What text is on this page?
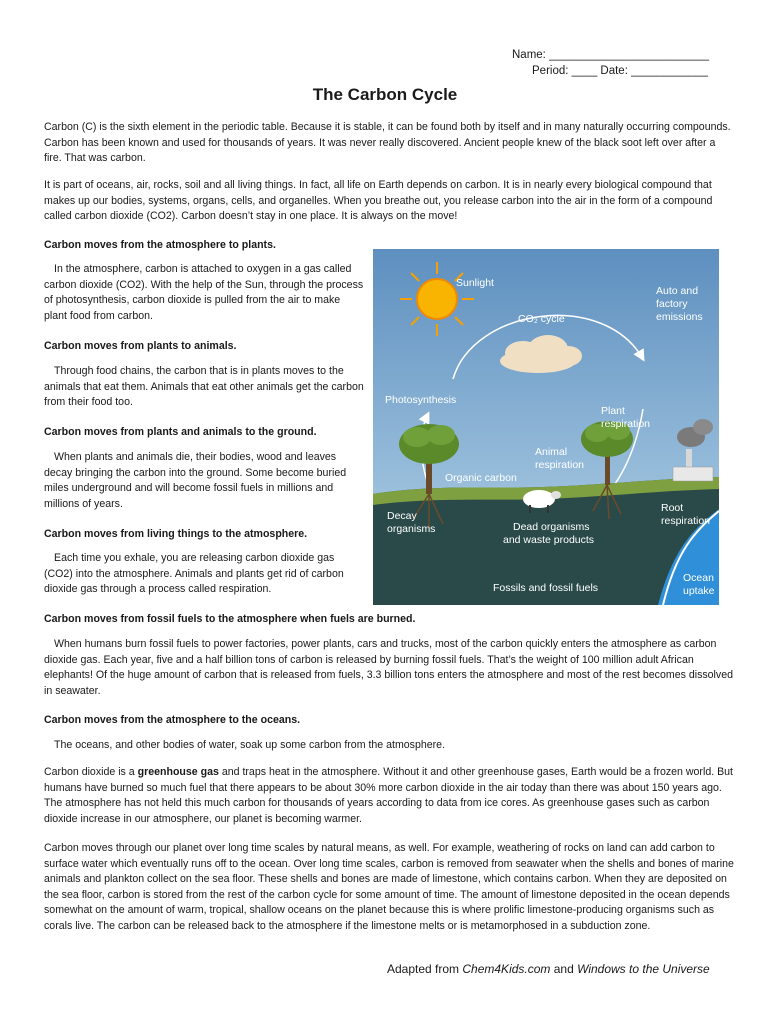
Name: _________________________
Period: ____ Date: ____________
The Carbon Cycle

Carbon (C) is the sixth element in the periodic table. Because it is stable, it can be found both by itself and in many naturally occurring compounds. Carbon has been known and used for thousands of years. It was never really discovered. Ancient people knew of the black soot left over after a fire. That was carbon.

It is part of oceans, air, rocks, soil and all living things. In fact, all life on Earth depends on carbon. It is in nearly every biological compound that makes up our bodies, systems, organs, cells, and organelles. When you breathe out, you release carbon into the air in the form of a compound called carbon dioxide (CO2). Carbon doesn’t stay in one place. It is always on the move!

Carbon moves from the atmosphere to plants.

In the atmosphere, carbon is attached to oxygen in a gas called carbon dioxide (CO2). With the help of the Sun, through the process of photosynthesis, carbon dioxide is pulled from the air to make plant food from carbon.

Carbon moves from plants to animals.

Through food chains, the carbon that is in plants moves to the animals that eat them. Animals that eat other animals get the carbon from their food too.

Carbon moves from plants and animals to the ground.

When plants and animals die, their bodies, wood and leaves decay bringing the carbon into the ground. Some become buried miles underground and will become fossil fuels in millions and millions of years.

Carbon moves from living things to the atmosphere.

Each time you exhale, you are releasing carbon dioxide gas (CO2) into the atmosphere. Animals and plants get rid of carbon dioxide gas through a process called respiration.

Carbon moves from fossil fuels to the atmosphere when fuels are burned.

When humans burn fossil fuels to power factories, power plants, cars and trucks, most of the carbon quickly enters the atmosphere as carbon dioxide gas. Each year, five and a half billion tons of carbon is released by burning fossil fuels. That’s the weight of 100 million adult African elephants! Of the huge amount of carbon that is released from fuels, 3.3 billion tons enters the atmosphere and most of the rest becomes dissolved in seawater.

Carbon moves from the atmosphere to the oceans.

The oceans, and other bodies of water, soak up some carbon from the atmosphere.

Carbon dioxide is a greenhouse gas and traps heat in the atmosphere. Without it and other greenhouse gases, Earth would be a frozen world. But humans have burned so much fuel that there appears to be about 30% more carbon dioxide in the air today than there was about 150 years ago. The atmosphere has not held this much carbon for thousands of years according to data from ice cores. As greenhouse gases such as carbon dioxide increase in our atmosphere, our planet is becoming warmer.

Carbon moves through our planet over long time scales by natural means, as well. For example, weathering of rocks on land can add carbon to surface water which eventually runs off to the ocean. Over long time scales, carbon is removed from seawater when the shells and bones of marine animals and plankton collect on the sea floor. These shells and bones are made of limestone, which contains carbon. When they are deposited on the sea floor, carbon is stored from the rest of the carbon cycle for some amount of time. The amount of limestone deposited in the ocean depends somewhat on the amount of warm, tropical, shallow oceans on the planet because this is where prolific limestone-producing organisms such as corals live. The carbon can be released back to the atmosphere if the limestone melts or is metamorphosed in a subduction zone.

Adapted from Chem4Kids.com and Windows to the Universe
Sunlight
CO₂ cycle
Auto and
factory
emissions
Photosynthesis
Plant
respiration
Animal
respiration
Organic carbon
Decay
organisms	Dead organisms
and waste products
Root
respiration
Fossils and fossil fuels
Ocean
uptake
